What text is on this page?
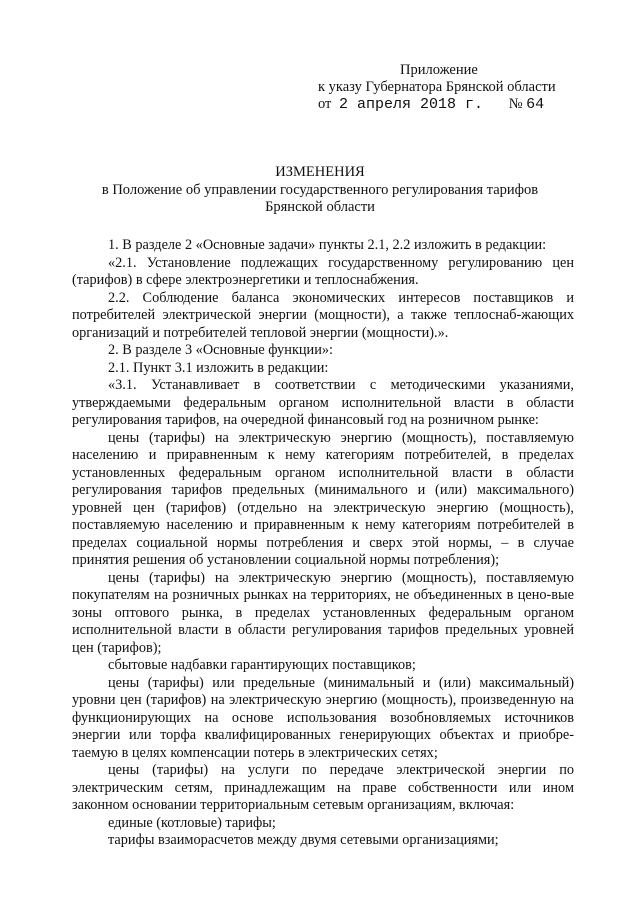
Приложение
к указу Губернатора Брянской области
от 2 апреля 2018 г. № 64
ИЗМЕНЕНИЯ
в Положение об управлении государственного регулирования тарифов
Брянской области

1. В разделе 2 «Основные задачи» пункты 2.1, 2.2 изложить в редакции:

«2.1. Установление подлежащих государственному регулированию цен (тарифов) в сфере электроэнергетики и теплоснабжения.

2.2. Соблюдение баланса экономических интересов поставщиков и потребителей электрической энергии (мощности), а также теплоснаб-жающих организаций и потребителей тепловой энергии (мощности).».

2. В разделе 3 «Основные функции»:

2.1. Пункт 3.1 изложить в редакции:

«3.1. Устанавливает в соответствии с методическими указаниями, утверждаемыми федеральным органом исполнительной власти в области регулирования тарифов, на очередной финансовый год на розничном рынке:

цены (тарифы) на электрическую энергию (мощность), поставляемую населению и приравненным к нему категориям потребителей, в пределах установленных федеральным органом исполнительной власти в области регулирования тарифов предельных (минимального и (или) максимального) уровней цен (тарифов) (отдельно на электрическую энергию (мощность), поставляемую населению и приравненным к нему категориям потребителей в пределах социальной нормы потребления и сверх этой нормы, – в случае принятия решения об установлении социальной нормы потребления);

цены (тарифы) на электрическую энергию (мощность), поставляемую покупателям на розничных рынках на территориях, не объединенных в цено-вые зоны оптового рынка, в пределах установленных федеральным органом исполнительной власти в области регулирования тарифов предельных уровней цен (тарифов);

сбытовые надбавки гарантирующих поставщиков;

цены (тарифы) или предельные (минимальный и (или) максимальный) уровни цен (тарифов) на электрическую энергию (мощность), произведенную на функционирующих на основе использования возобновляемых источников энергии или торфа квалифицированных генерирующих объектах и приобре-таемую в целях компенсации потерь в электрических сетях;

цены (тарифы) на услуги по передаче электрической энергии по электрическим сетям, принадлежащим на праве собственности или ином законном основании территориальным сетевым организациям, включая:

единые (котловые) тарифы;

тарифы взаиморасчетов между двумя сетевыми организациями;
